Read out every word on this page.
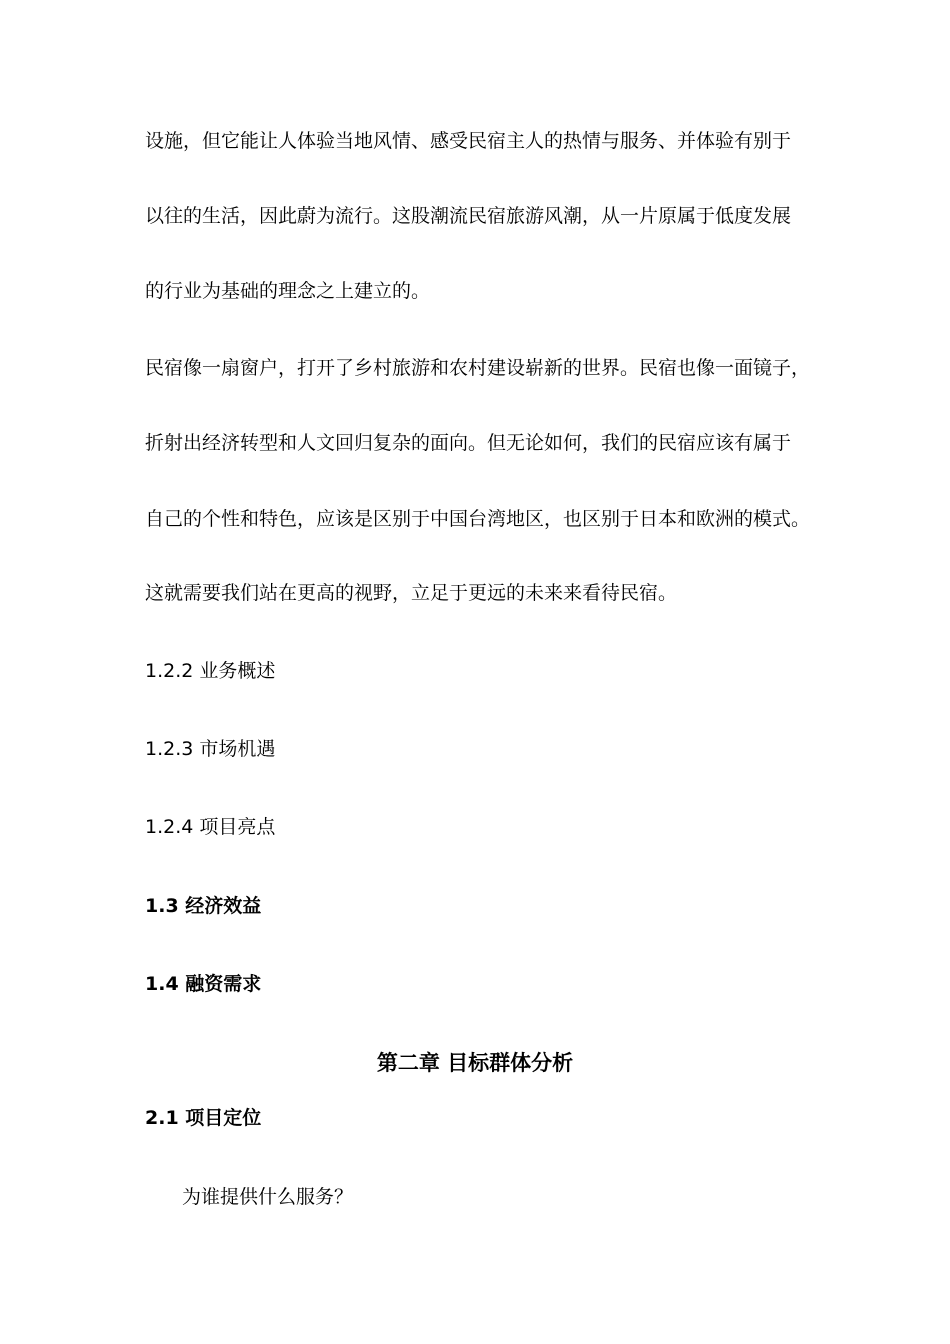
设施，但它能让人体验当地风情、感受民宿主人的热情与服务、并体验有别于
以往的生活，因此蔚为流行。这股潮流民宿旅游风潮，从一片原属于低度发展
的行业为基础的理念之上建立的。
民宿像一扇窗户，打开了乡村旅游和农村建设崭新的世界。民宿也像一面镜子，
折射出经济转型和人文回归复杂的面向。但无论如何，我们的民宿应该有属于
自己的个性和特色，应该是区别于中国台湾地区，也区别于日本和欧洲的模式。
这就需要我们站在更高的视野，立足于更远的未来来看待民宿。
1.2.2 业务概述
1.2.3 市场机遇
1.2.4 项目亮点
1.3 经济效益
1.4 融资需求
第二章 目标群体分析
2.1 项目定位
为谁提供什么服务？
